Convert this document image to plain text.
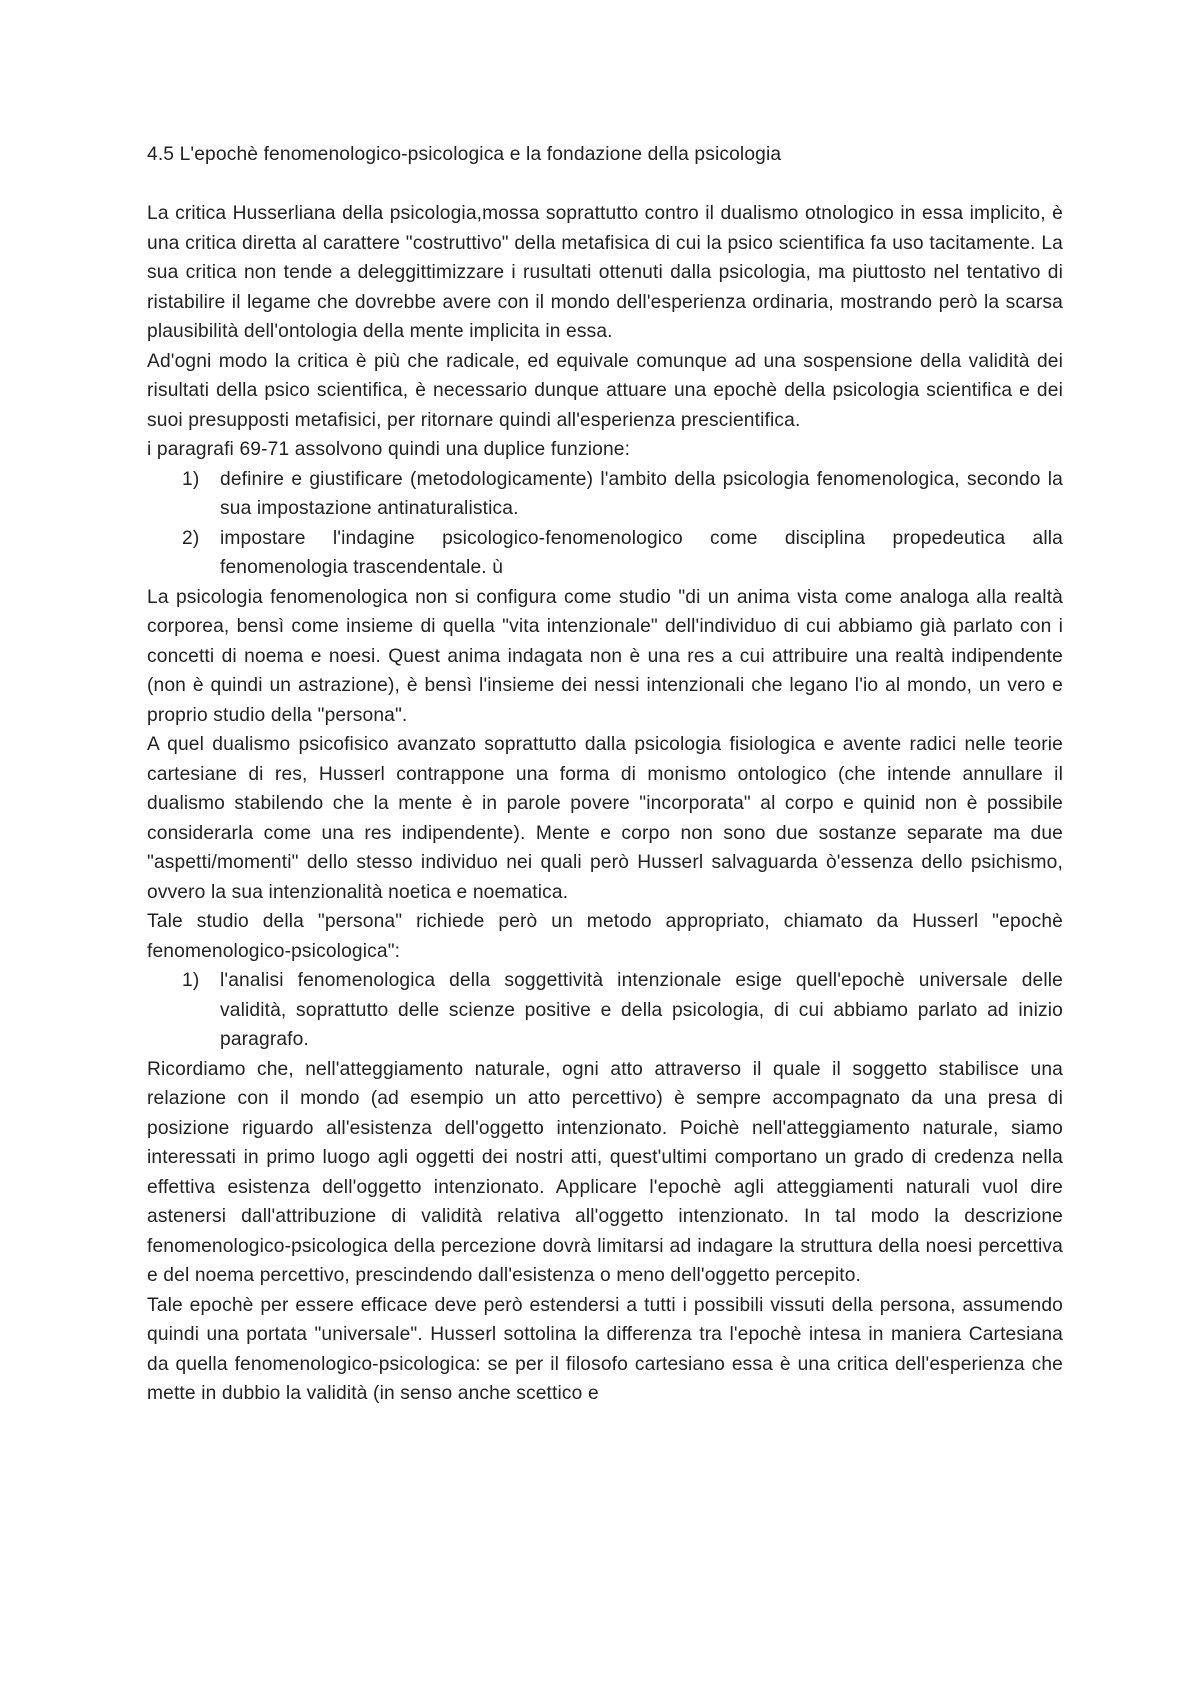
4.5 L'epochè fenomenologico-psicologica e la fondazione della psicologia

La critica Husserliana della psicologia,mossa soprattutto contro il dualismo otnologico in essa implicito, è una critica diretta al carattere "costruttivo" della metafisica di cui la psico scientifica fa uso tacitamente. La sua critica non tende a deleggittimizzare i rusultati ottenuti dalla psicologia, ma piuttosto nel tentativo di ristabilire il legame che dovrebbe avere con il mondo dell'esperienza ordinaria, mostrando però la scarsa plausibilità dell'ontologia della mente implicita in essa.

Ad'ogni modo la critica è più che radicale, ed equivale comunque ad una sospensione della validità dei risultati della psico scientifica, è necessario dunque attuare una epochè della psicologia scientifica e dei suoi presupposti metafisici, per ritornare quindi all'esperienza prescientifica.

i paragrafi 69-71 assolvono quindi una duplice funzione:

1) definire e giustificare (metodologicamente) l'ambito della psicologia fenomenologica, secondo la sua impostazione antinaturalistica.
2) impostare l'indagine psicologico-fenomenologico come disciplina propedeutica alla fenomenologia trascendentale. ù

La psicologia fenomenologica non si configura come studio "di un anima vista come analoga alla realtà corporea, bensì come insieme di quella "vita intenzionale" dell'individuo di cui abbiamo già parlato con i concetti di noema e noesi. Quest anima indagata non è una res a cui attribuire una realtà indipendente (non è quindi un astrazione), è bensì l'insieme dei nessi intenzionali che legano l'io al mondo, un vero e proprio studio della "persona".

A quel dualismo psicofisico avanzato soprattutto dalla psicologia fisiologica e avente radici nelle teorie cartesiane di res, Husserl contrappone una forma di monismo ontologico (che intende annullare il dualismo stabilendo che la mente è in parole povere "incorporata" al corpo e quinid non è possibile considerarla come una res indipendente). Mente e corpo non sono due sostanze separate ma due "aspetti/momenti" dello stesso individuo nei quali però Husserl salvaguarda ò'essenza dello psichismo, ovvero la sua intenzionalità noetica e noematica.

Tale studio della "persona" richiede però un metodo appropriato, chiamato da Husserl "epochè fenomenologico-psicologica":

1) l'analisi fenomenologica della soggettività intenzionale esige quell'epochè universale delle validità, soprattutto delle scienze positive e della psicologia, di cui abbiamo parlato ad inizio paragrafo.

Ricordiamo che, nell'atteggiamento naturale, ogni atto attraverso il quale il soggetto stabilisce una relazione con il mondo (ad esempio un atto percettivo) è sempre accompagnato da una presa di posizione riguardo all'esistenza dell'oggetto intenzionato. Poichè nell'atteggiamento naturale, siamo interessati in primo luogo agli oggetti dei nostri atti, quest'ultimi comportano un grado di credenza nella effettiva esistenza dell'oggetto intenzionato. Applicare l'epochè agli atteggiamenti naturali vuol dire astenersi dall'attribuzione di validità relativa all'oggetto intenzionato. In tal modo la descrizione fenomenologico-psicologica della percezione dovrà limitarsi ad indagare la struttura della noesi percettiva e del noema percettivo, prescindendo dall'esistenza o meno dell'oggetto percepito.

Tale epochè per essere efficace deve però estendersi a tutti i possibili vissuti della persona, assumendo quindi una portata "universale". Husserl sottolina la differenza tra l'epochè intesa in maniera Cartesiana da quella fenomenologico-psicologica: se per il filosofo cartesiano essa è una critica dell'esperienza che mette in dubbio la validità (in senso anche scettico e
